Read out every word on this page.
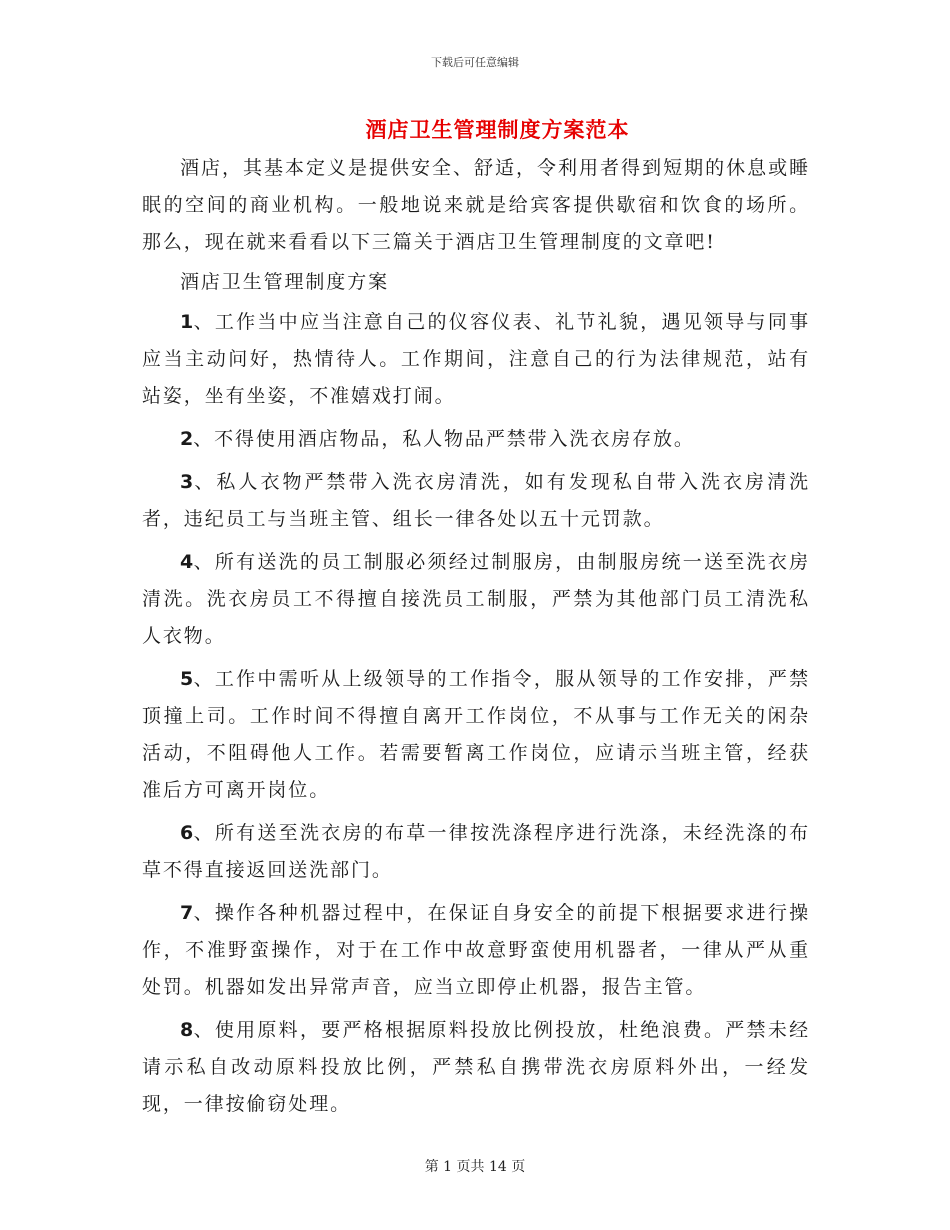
下载后可任意编辑
酒店卫生管理制度方案范本

酒店，其基本定义是提供安全、舒适，令利用者得到短期的休息或睡眠的空间的商业机构。一般地说来就是给宾客提供歇宿和饮食的场所。那么，现在就来看看以下三篇关于酒店卫生管理制度的文章吧!

酒店卫生管理制度方案

1、工作当中应当注意自己的仪容仪表、礼节礼貌，遇见领导与同事应当主动问好，热情待人。工作期间，注意自己的行为法律规范，站有站姿，坐有坐姿，不准嬉戏打闹。

2、不得使用酒店物品，私人物品严禁带入洗衣房存放。

3、私人衣物严禁带入洗衣房清洗，如有发现私自带入洗衣房清洗者，违纪员工与当班主管、组长一律各处以五十元罚款。

4、所有送洗的员工制服必须经过制服房，由制服房统一送至洗衣房清洗。洗衣房员工不得擅自接洗员工制服，严禁为其他部门员工清洗私人衣物。

5、工作中需听从上级领导的工作指令，服从领导的工作安排，严禁顶撞上司。工作时间不得擅自离开工作岗位，不从事与工作无关的闲杂活动，不阻碍他人工作。若需要暂离工作岗位，应请示当班主管，经获准后方可离开岗位。

6、所有送至洗衣房的布草一律按洗涤程序进行洗涤，未经洗涤的布草不得直接返回送洗部门。

7、操作各种机器过程中，在保证自身安全的前提下根据要求进行操作，不准野蛮操作，对于在工作中故意野蛮使用机器者，一律从严从重处罚。机器如发出异常声音，应当立即停止机器，报告主管。

8、使用原料，要严格根据原料投放比例投放，杜绝浪费。严禁未经请示私自改动原料投放比例，严禁私自携带洗衣房原料外出，一经发现，一律按偷窃处理。

第 1 页共 14 页
